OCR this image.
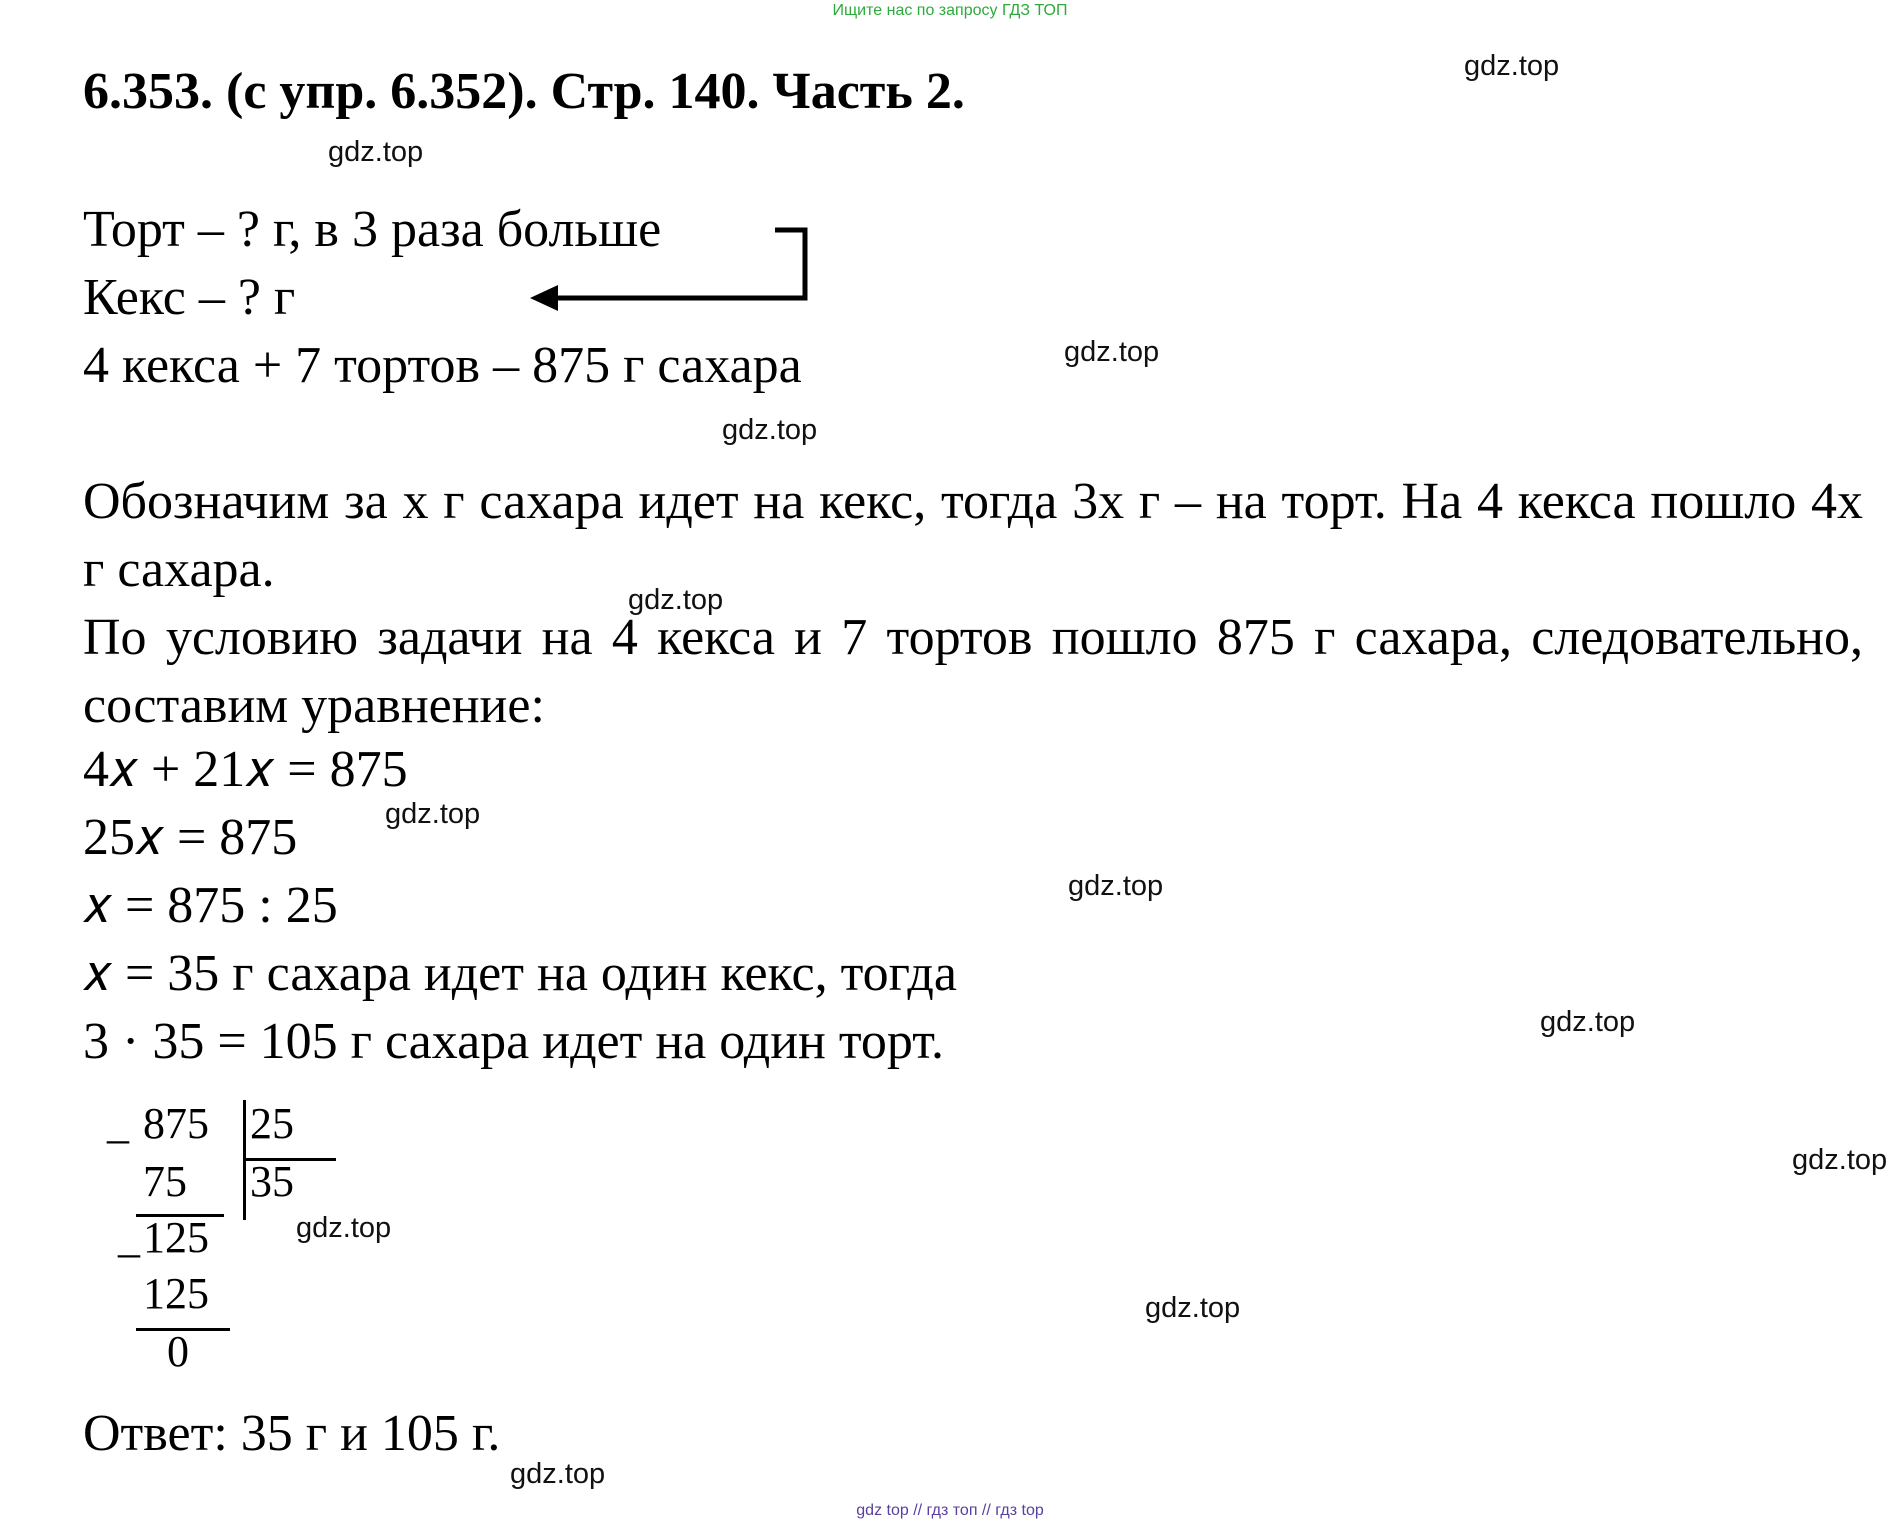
Ищите нас по запросу ГДЗ ТОП
6.353. (с упр. 6.352). Стр. 140. Часть 2.
Торт – ? г, в 3 раза больше
Кекс – ? г
4 кекса + 7 тортов – 875 г сахара
Обозначим за х г сахара идет на кекс, тогда 3х г – на торт. На 4 кекса пошло 4х г сахара.
По условию задачи на 4 кекса и 7 тортов пошло 875 г сахара, следовательно, составим уравнение:
4𝑥 + 21𝑥 = 875
25𝑥 = 875
𝑥 = 875 : 25
𝑥 = 35 г сахара идет на один кекс, тогда
3 · 35 = 105 г сахара идет на один торт.
_ 875 25
75 35
_ 125
125
0
Ответ: 35 г и 105 г.
gdz.top
gdz.top
gdz.top
gdz.top
gdz.top
gdz.top
gdz.top
gdz.top
gdz.top
gdz.top
gdz.top
gdz.top
gdz top // гдз топ // гдз top
